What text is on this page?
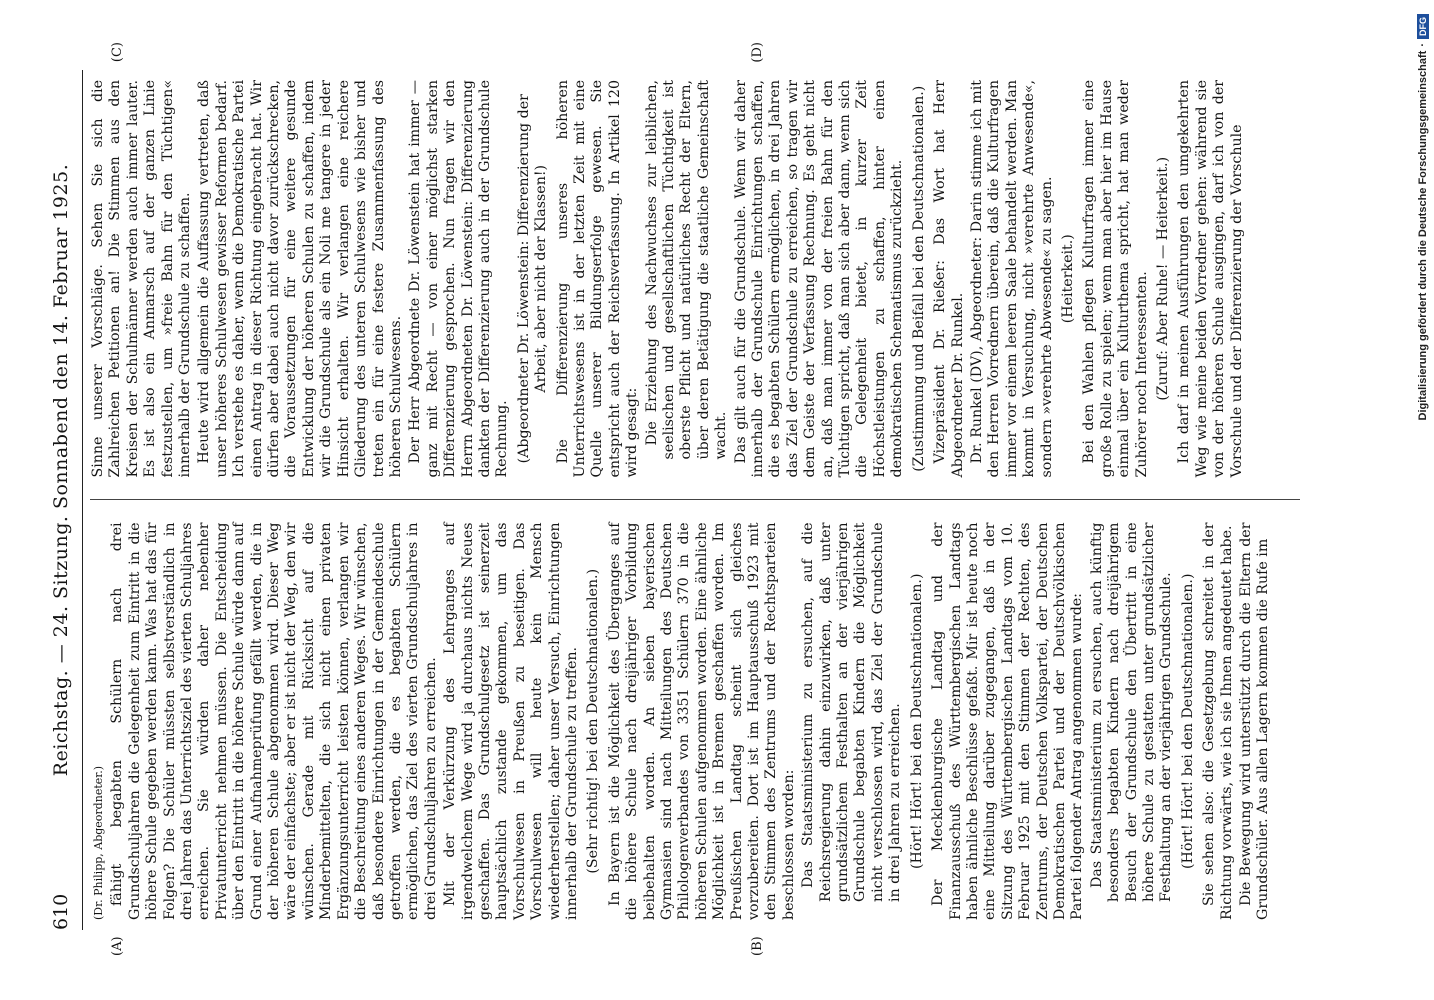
610
Reichstag. — 24. Sitzung. Sonnabend den 14. Februar 1925.

(Dr. Philipp, Abgeordneter.) fähigt begabten Schülern nach drei Grundschuljahren die Gelegenheit zum Eintritt in die höhere Schule gegeben werden kann. Was hat das für Folgen? Die Schüler müssten selbstverständlich in drei Jahren das Unterrichtsziel des vierten Schuljahres erreichen. Sie würden daher nebenher Privatunterricht nehmen müssen. Die Entscheidung über den Eintritt in die höhere Schule würde dann auf Grund einer Aufnahmeprüfung gefällt werden, die in der höheren Schule abgenommen wird. Dieser Weg wäre der einfachste; aber er ist nicht der Weg, den wir wünschen. Gerade mit Rücksicht auf die Minderbemittelten, die sich nicht einen privaten Ergänzungsunterricht leisten können, verlangen wir die Beschreitung eines anderen Weges. Wir wünschen, daß besondere Einrichtungen in der Gemeindeschule getroffen werden, die es begabten Schülern ermöglichen, das Ziel des vierten Grundschuljahres in drei Grundschuljahren zu erreichen. Mit der Verkürzung des Lehrganges auf irgendwelchem Wege wird ja durchaus nichts Neues geschaffen. Das Grundschulgesetz ist seinerzeit hauptsächlich zustande gekommen, um das Vorschulwesen in Preußen zu beseitigen. Das Vorschulwesen will heute kein Mensch wiederherstellen; daher unser Versuch, Einrichtungen innerhalb der Grundschule zu treffen. (Sehr richtig! bei den Deutschnationalen.) In Bayern ist die Möglichkeit des Überganges auf die höhere Schule nach dreijähriger Vorbildung beibehalten worden. An sieben bayerischen Gymnasien sind nach Mitteilungen des Deutschen Philologenverbandes von 3351 Schülern 370 in die höheren Schulen aufgenommen worden. Eine ähnliche Möglichkeit ist in Bremen geschaffen worden. Im Preußischen Landtag scheint sich gleiches vorzubereiten. Dort ist im Hauptausschuß 1923 mit den Stimmen des Zentrums und der Rechtsparteien beschlossen worden: Das Staatsministerium zu ersuchen, auf die Reichsregierung dahin einzuwirken, daß unter grundsätzlichem Festhalten an der vierjährigen Grundschule begabten Kindern die Möglichkeit nicht verschlossen wird, das Ziel der Grundschule in drei Jahren zu erreichen. (Hört! Hört! bei den Deutschnationalen.) Der Mecklenburgische Landtag und der Finanzausschuß des Württembergischen Landtags haben ähnliche Beschlüsse gefaßt. Mir ist heute noch eine Mitteilung darüber zugegangen, daß in der Sitzung des Württembergischen Landtags vom 10. Februar 1925 mit den Stimmen der Rechten, des Zentrums, der Deutschen Volkspartei, der Deutschen Demokratischen Partei und der Deutschvölkischen Partei folgender Antrag angenommen wurde: Das Staatsministerium zu ersuchen, auch künftig besonders begabten Kindern nach dreijährigem Besuch der Grundschule den Übertritt in eine höhere Schule zu gestatten unter grundsätzlicher Festhaltung an der vierjährigen Grundschule. (Hört! Hört! bei den Deutschnationalen.) Sie sehen also: die Gesetzgebung schreitet in der Richtung vorwärts, wie ich sie Ihnen angedeutet habe. Die Bewegung wird unterstützt durch die Eltern der Grundschüler. Aus allen Lagern kommen die Rufe im

Sinne unserer Vorschläge. Sehen Sie sich die Zahlreichen Petitionen an! Die Stimmen aus den Kreisen der Schulmänner werden auch immer lauter. Es ist also ein Anmarsch auf der ganzen Linie festzustellen, um »freie Bahn für den Tüchtigen« innerhalb der Grundschule zu schaffen. Heute wird allgemein die Auffassung vertreten, daß unser höheres Schulwesen gewisser Reformen bedarf. Ich verstehe es daher, wenn die Demokratische Partei einen Antrag in dieser Richtung eingebracht hat. Wir dürfen aber dabei auch nicht davor zurückschrecken, die Voraussetzungen für eine weitere gesunde Entwicklung der höheren Schulen zu schaffen, indem wir die Grundschule als ein Noli me tangere in jeder Hinsicht erhalten. Wir verlangen eine reichere Gliederung des unteren Schulwesens wie bisher und treten ein für eine festere Zusammenfassung des höheren Schulwesens. Der Herr Abgeordnete Dr. Löwenstein hat immer — ganz mit Recht — von einer möglichst starken Differenzierung gesprochen. Nun fragen wir den Herrn Abgeordneten Dr. Löwenstein: Differenzierung dankten der Differenzierung auch in der Grundschule Rechnung. (Abgeordneter Dr. Löwenstein: Differenzierung der Arbeit, aber nicht der Klassen!) Die Differenzierung unseres höheren Unterrichtswesens ist in der letzten Zeit mit eine Quelle unserer Bildungserfolge gewesen. Sie entspricht auch der Reichsverfassung. In Artikel 120 wird gesagt: Die Erziehung des Nachwuchses zur leiblichen, seelischen und gesellschaftlichen Tüchtigkeit ist oberste Pflicht und natürliches Recht der Eltern, über deren Betätigung die staatliche Gemeinschaft wacht. Das gilt auch für die Grundschule. Wenn wir daher innerhalb der Grundschule Einrichtungen schaffen, die es begabten Schülern ermöglichen, in drei Jahren das Ziel der Grundschule zu erreichen, so tragen wir dem Geiste der Verfassung Rechnung. Es geht nicht an, daß man immer von der freien Bahn für den Tüchtigen spricht, daß man sich aber dann, wenn sich die Gelegenheit bietet, in kurzer Zeit Höchstleistungen zu schaffen, hinter einen demokratischen Schematismus zurückzieht. (Zustimmung und Beifall bei den Deutschnationalen.) Vizepräsident Dr. Rießer: Das Wort hat Herr Abgeordneter Dr. Runkel. Dr. Runkel (DV), Abgeordneter: Darin stimme ich mit den Herren Vorrednern überein, daß die Kulturfragen immer vor einem leeren Saale behandelt werden. Man kommt in Versuchung, nicht »verehrte Anwesende«, sondern »verehrte Abwesende« zu sagen. (Heiterkeit.) Bei den Wahlen pflegen Kulturfragen immer eine große Rolle zu spielen; wenn man aber hier im Hause einmal über ein Kulturthema spricht, hat man weder Zuhörer noch Interessenten. (Zuruf: Aber Ruhe! — Heiterkeit.) Ich darf in meinen Ausführungen den umgekehrten Weg wie meine beiden Vorredner gehen: während sie von der höheren Schule ausgingen, darf ich von der Vorschule und der Differenzierung der Vorschule

(A)	(B)
(C)	(D)	Digitalisierung gefördert durch die Deutsche Forschungsgemeinschaft
·
DFG
